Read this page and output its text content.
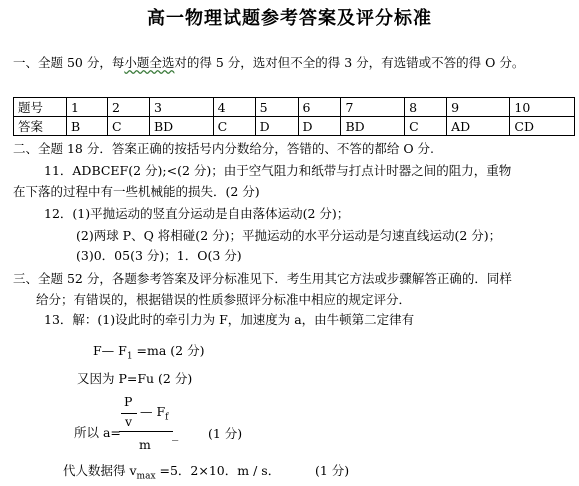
高一物理试题参考答案及评分标准
一、全题 50 分，每小题全选对的得 5 分，选对但不全的得 3 分，有选错或不答的得 O 分。
题号	1	2	3	4	5	6	7	8	9	10
答案	B	C	BD	C	D	D	BD	C	AD	CD
二、全题 18 分．答案正确的按括号内分数给分，答错的、不答的都给 O 分.
11．ADBCEF(2 分);<(2 分)；由于空气阻力和纸带与打点计时器之间的阻力，重物
在下落的过程中有一些机械能的损失．(2 分)
12．(1)平抛运动的竖直分运动是自由落体运动(2 分)；
(2)两球 P、Q 将相碰(2 分)；平抛运动的水平分运动是匀速直线运动(2 分)；
(3)0．05(3 分)；1．O(3 分)
三、全题 52 分，各题参考答案及评分标准见下．考生用其它方法或步骤解答正确的．同样
给分；有错误的，根据错误的性质参照评分标准中相应的规定评分．
13．解：(1)设此时的牵引力为 F，加速度为 a，由牛顿第二定律有
F— $F_1 =ma$ (2 分)
又因为 P=Fu (2 分)
所以 a=
P
v
— $F_f$
m
_ (1 分)
代人数据得 $v_{max} =5$．2×10．m / s．	(1 分)
